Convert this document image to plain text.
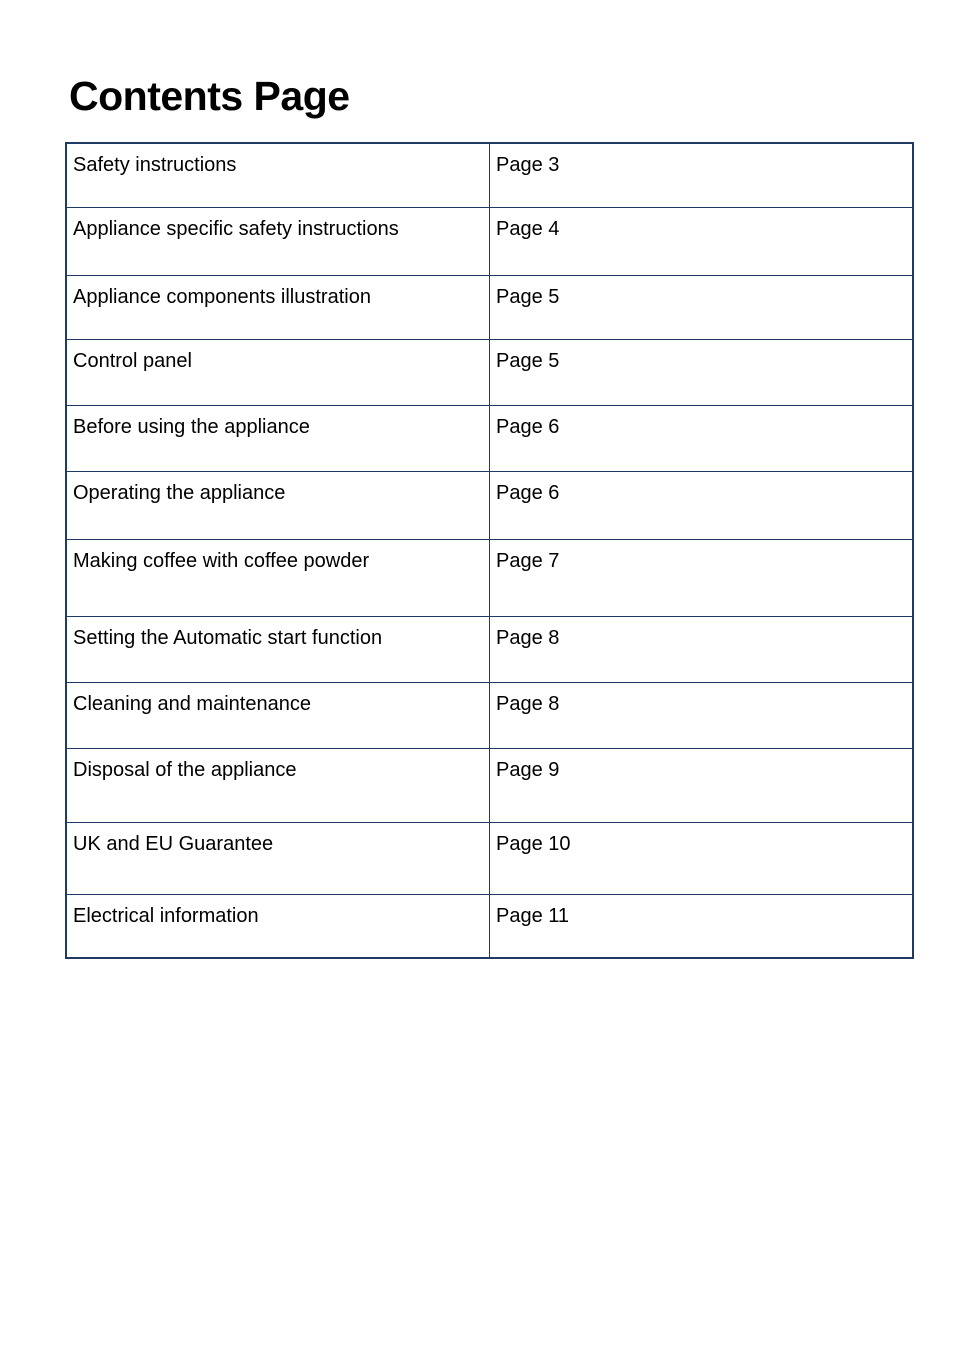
Contents Page
Safety instructions	Page 3
Appliance specific safety instructions	Page 4
Appliance components illustration	Page 5
Control panel	Page 5
Before using the appliance	Page 6
Operating the appliance	Page 6
Making coffee with coffee powder	Page 7
Setting the Automatic start function	Page 8
Cleaning and maintenance	Page 8
Disposal of the appliance	Page 9
UK and EU Guarantee	Page 10
Electrical information	Page 11
